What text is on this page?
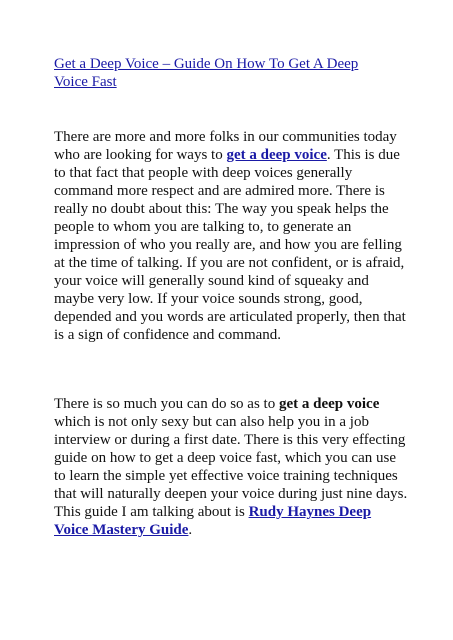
Get a Deep Voice – Guide On How To Get A Deep Voice Fast

There are more and more folks in our communities today who are looking for ways to get a deep voice. This is due to that fact that people with deep voices generally command more respect and are admired more. There is really no doubt about this: The way you speak helps the people to whom you are talking to, to generate an impression of who you really are, and how you are felling at the time of talking. If you are not confident, or is afraid, your voice will generally sound kind of squeaky and maybe very low. If your voice sounds strong, good, depended and you words are articulated properly, then that is a sign of confidence and command.

There is so much you can do so as to get a deep voice which is not only sexy but can also help you in a job interview or during a first date. There is this very effecting guide on how to get a deep voice fast, which you can use to learn the simple yet effective voice training techniques that will naturally deepen your voice during just nine days. This guide I am talking about is Rudy Haynes Deep Voice Mastery Guide.
